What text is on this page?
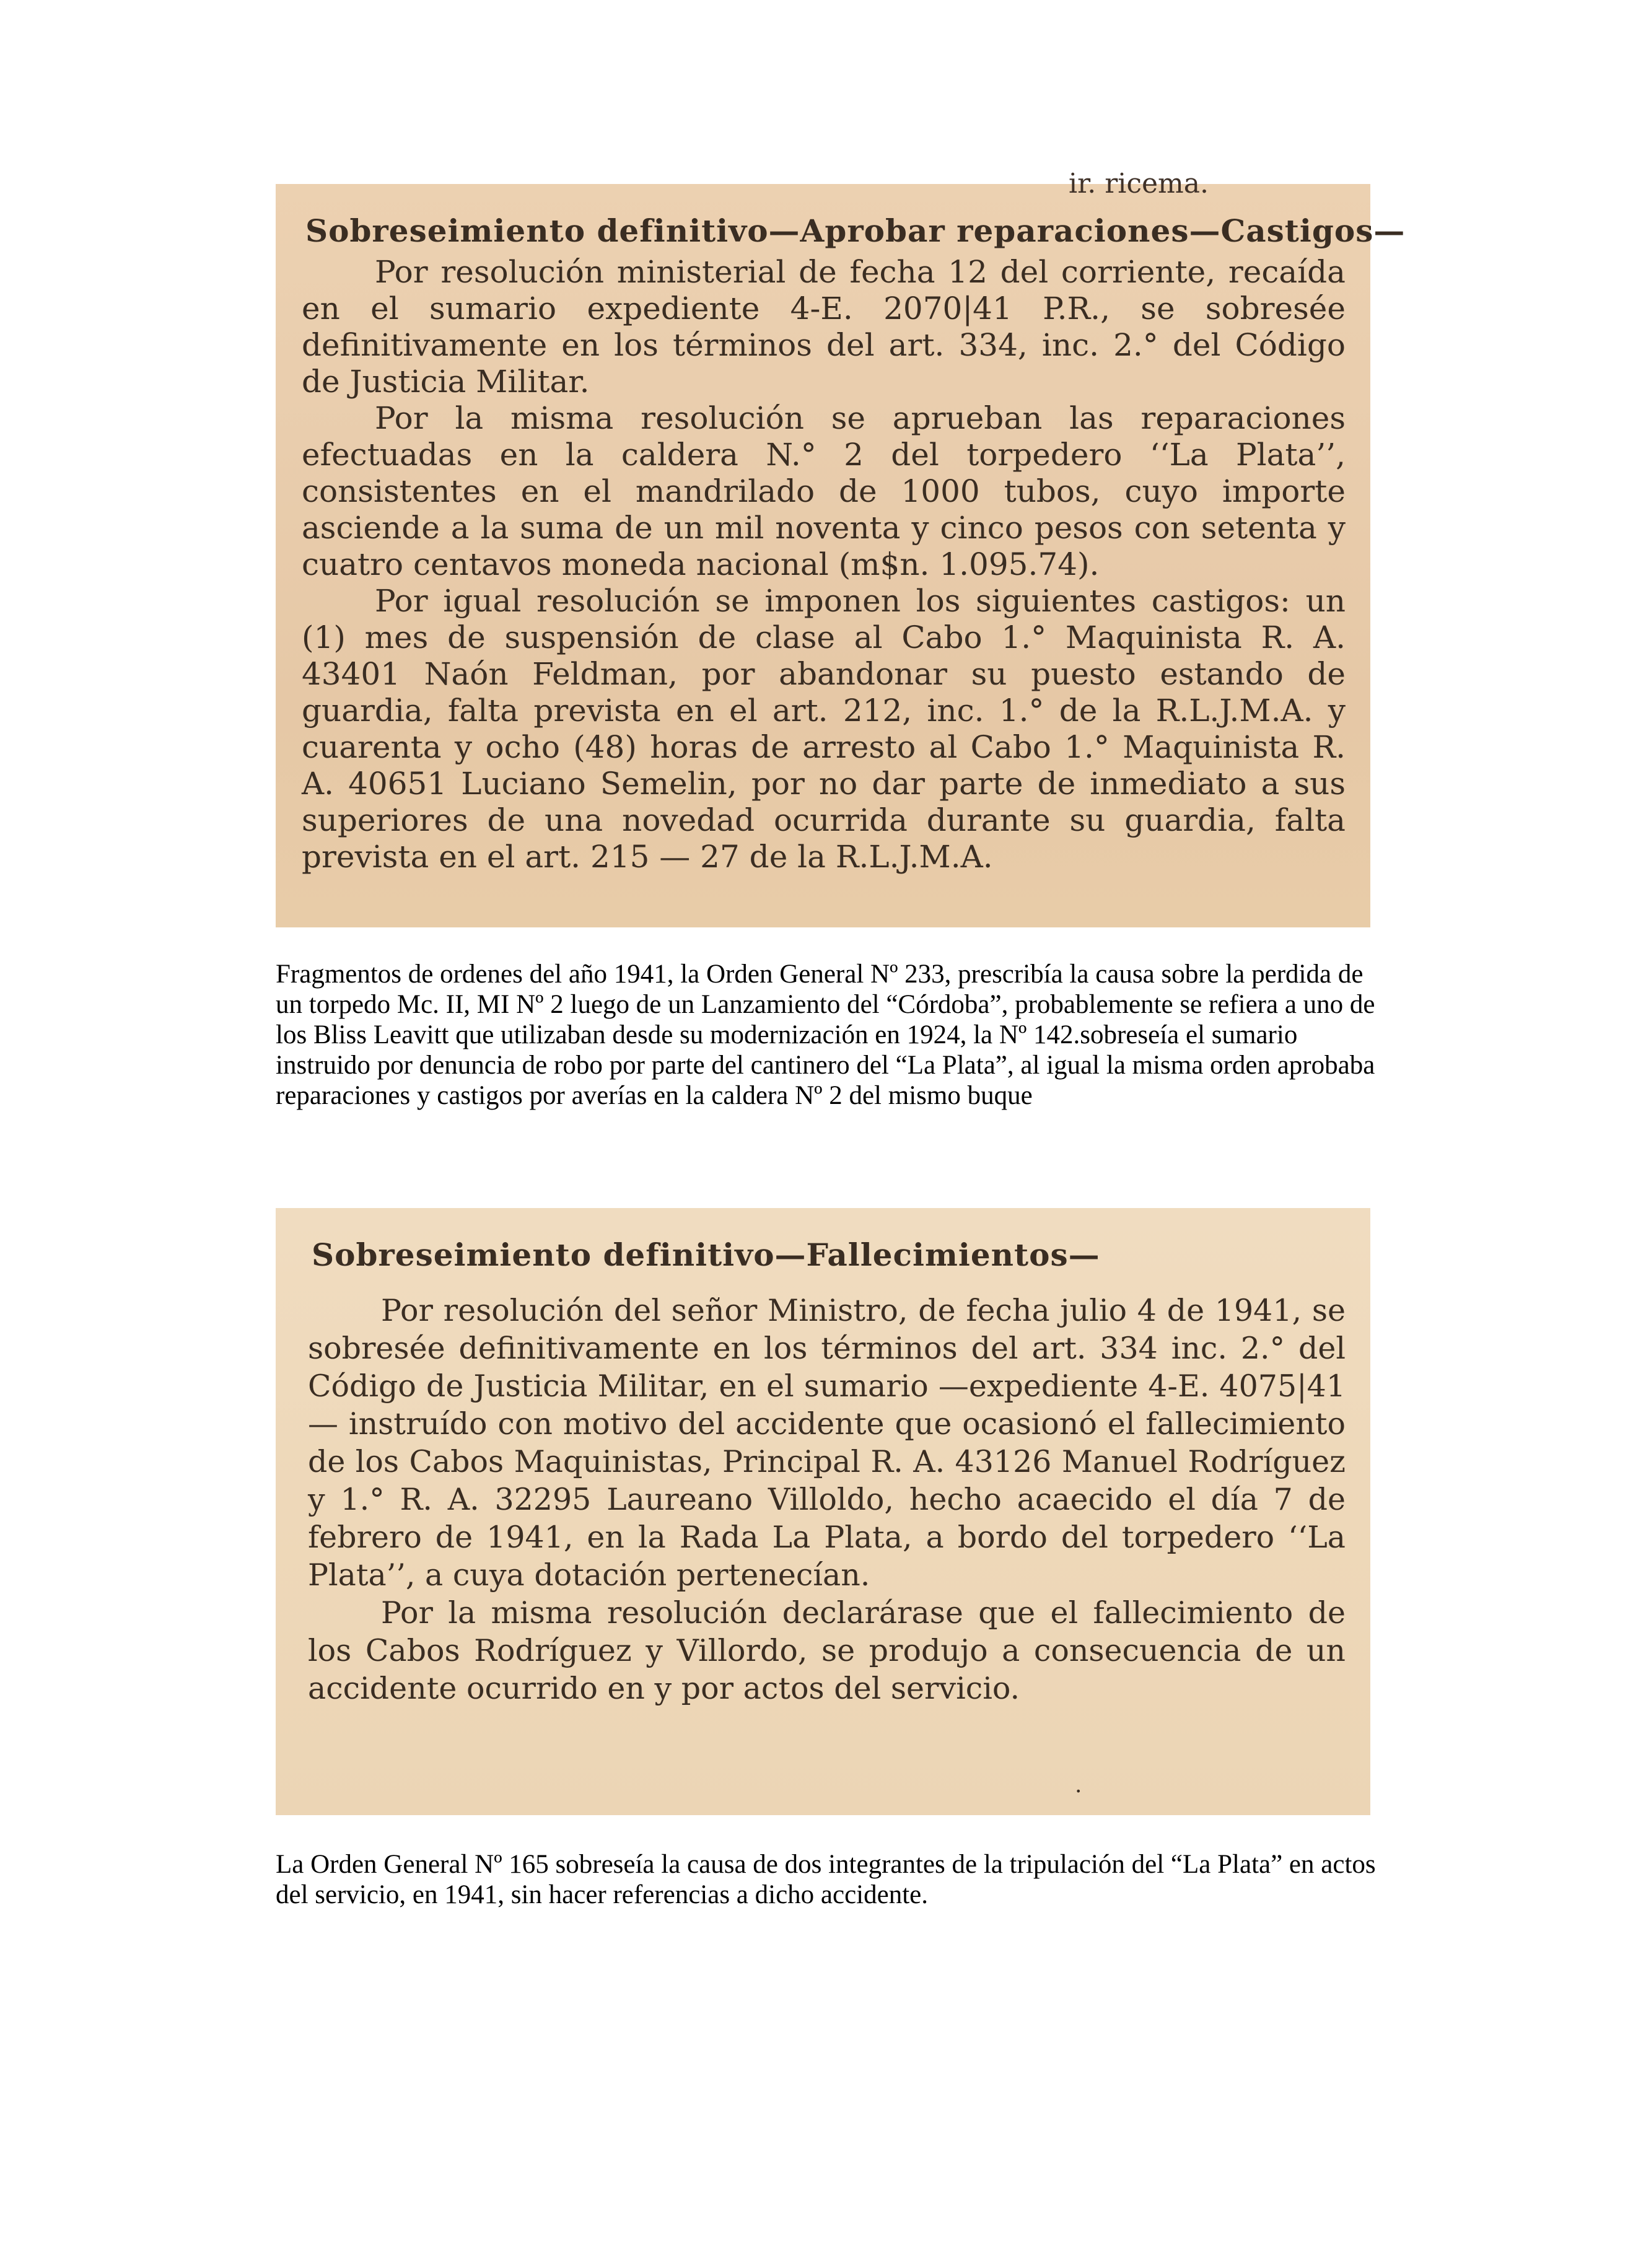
ir. ricema.
Sobreseimiento definitivo—Aprobar reparaciones—Castigos—

Por resolución ministerial de fecha 12 del corriente, recaída en el sumario expediente 4-E. 2070|41 P.R., se sobresée definitivamente en los términos del art. 334, inc. 2.° del Código de Justicia Militar.

Por la misma resolución se aprueban las reparaciones efectuadas en la caldera N.° 2 del torpedero ‘‘La Plata’’, consistentes en el mandrilado de 1000 tubos, cuyo importe asciende a la suma de un mil noventa y cinco pesos con setenta y cuatro centavos moneda nacional (m$n. 1.095.74).

Por igual resolución se imponen los siguientes castigos: un (1) mes de suspensión de clase al Cabo 1.° Maquinista R. A. 43401 Naón Feldman, por abandonar su puesto estando de guardia, falta prevista en el art. 212, inc. 1.° de la R.L.J.M.A. y cuarenta y ocho (48) horas de arresto al Cabo 1.° Maquinista R. A. 40651 Luciano Semelin, por no dar parte de inmediato a sus superiores de una novedad ocurrida durante su guardia, falta prevista en el art. 215 — 27 de la R.L.J.M.A.

Fragmentos de ordenes del año 1941, la Orden General Nº 233, prescribía la causa sobre la perdida de un torpedo Mc. II, MI Nº 2 luego de un Lanzamiento del “Córdoba”, probablemente se refiera a uno de los Bliss Leavitt que utilizaban desde su modernización en 1924, la Nº 142.sobreseía el sumario instruido por denuncia de robo por parte del cantinero del “La Plata”, al igual la misma orden aprobaba reparaciones y castigos por averías en la caldera Nº 2 del mismo buque

Sobreseimiento definitivo—Fallecimientos—

Por resolución del señor Ministro, de fecha julio 4 de 1941, se sobresée definitivamente en los términos del art. 334 inc. 2.° del Código de Justicia Militar, en el sumario —expediente 4-E. 4075|41— instruído con motivo del accidente que ocasionó el fallecimiento de los Cabos Maquinistas, Principal R. A. 43126 Manuel Rodríguez y 1.° R. A. 32295 Laureano Villoldo, hecho acaecido el día 7 de febrero de 1941, en la Rada La Plata, a bordo del torpedero ‘‘La Plata’’, a cuya dotación pertenecían.

Por la misma resolución declarárase que el fallecimiento de los Cabos Rodríguez y Villordo, se produjo a consecuencia de un accidente ocurrido en y por actos del servicio.

.

La Orden General Nº 165 sobreseía la causa de dos integrantes de la tripulación del “La Plata” en actos del servicio, en 1941, sin hacer referencias a dicho accidente.
